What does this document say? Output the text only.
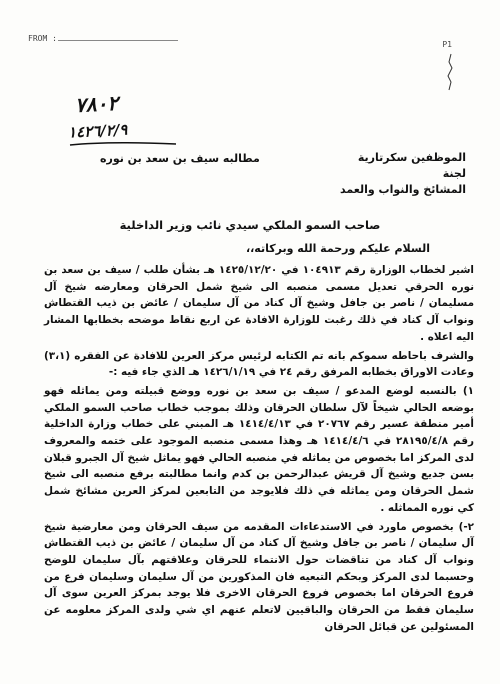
FROM :
P1
٧٨٠٢
١٤٢٦/٢/٩
الموظفين سكرتارية لجنة
المشائخ والنواب والعمد
مطالبه سيف بن سعد بن نوره
صاحب السمو الملكي سيدي نائب وزير الداخلية
السلام عليكم ورحمة الله وبركاته،،

اشير لخطاب الوزارة رقم ١٠٤٩١٣ في ١٤٢٥/١٢/٢٠ هـ بشأن طلب / سيف بن سعد بن نوره الحرقي تعديل مسمى منصبه الى شيخ شمل الحرقان ومعارضه شيخ آل مسليمان / ناصر بن جافل وشيخ آل كناد من آل سليمان / عائض بن ذيب القتطاش ونواب آل كناد في ذلك رغبت للوزارة الافادة عن اربع نقاط موضحه بخطابها المشار اليه اعلاه .

والشرف باحاطه سموكم بانه تم الكتابه لرئيس مركز العرين للافادة عن الفقره (٣،١) وعادت الاوراق بخطابه المرفق رقم ٢٤ في ١٤٢٦/١/١٩ هـ الذي جاء فيه :-

١) بالنسبه لوضع المدعو / سيف بن سعد بن نوره ووضع قبيلته ومن يماثله فهو بوضعه الحالي شيخاً لآل سلطان الحرقان وذلك بموجب خطاب صاحب السمو الملكي أمير منطقة عسير رقم ٢٠٧٦٧ في ١٤١٤/٤/١٣ هـ المبني على خطاب وزارة الداخلية رقم ٢٨١٩٥/٤/٨ في ١٤١٤/٤/٦ هـ وهذا مسمى منصبه الموجود على ختمه والمعروف لدى المركز اما بخصوص من يماثله في منصبه الحالي فهو يماثل شيخ آل الجبرو قبلان بسن جديع وشيخ آل قريش عبدالرحمن بن كدم وانما مطالبته برفع منصبه الى شيخ شمل الحرقان ومن يماثله في ذلك فلايوجد من التابعين لمركز العرين مشائخ شمل كي نوره المماثله .

٢-) بخصوص ماورد في الاستدعاءات المقدمه من سيف الحرقان ومن معارضية شيخ آل سليمان / ناصر بن جافل وشيخ آل كناد من آل سليمان / عائض بن ذيب القتطاش ونواب آل كناد من تناقضات حول الانتماء للحرقان وعلاقتهم بآل سليمان للوضح وحسبما لدى المركز وبحكم التبعيه فان المذكورين من آل سليمان وسليمان فرع من فروع الحرقان اما بخصوص فروع الحرقان الاخرى فلا يوجد بمركز العرين سوى آل سليمان فقط من الحرقان والباقيين لاتعلم عنهم اي شي ولدى المركز معلومه عن المسئولين عن قبائل الحرقان
